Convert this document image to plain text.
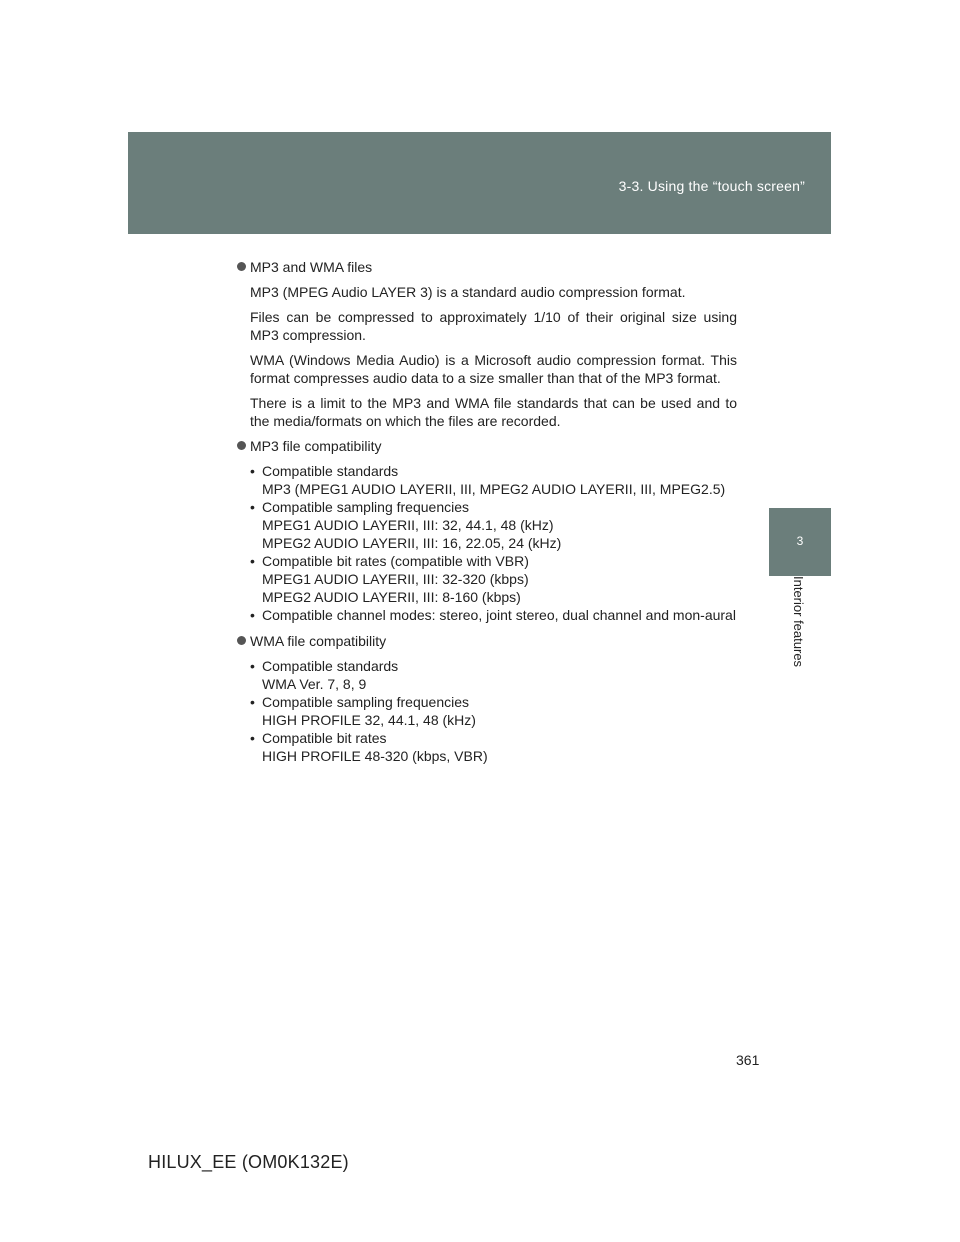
3-3. Using the “touch screen”
3
Interior features
MP3 and WMA files
MP3 (MPEG Audio LAYER 3) is a standard audio compression format.
Files can be compressed to approximately 1/10 of their original size using MP3 compression.
WMA (Windows Media Audio) is a Microsoft audio compression format. This format compresses audio data to a size smaller than that of the MP3 format.
There is a limit to the MP3 and WMA file standards that can be used and to the media/formats on which the files are recorded.
MP3 file compatibility
• Compatible standards
MP3 (MPEG1 AUDIO LAYERII, III, MPEG2 AUDIO LAYERII, III, MPEG2.5)
• Compatible sampling frequencies
MPEG1 AUDIO LAYERII, III: 32, 44.1, 48 (kHz)
MPEG2 AUDIO LAYERII, III: 16, 22.05, 24 (kHz)
• Compatible bit rates (compatible with VBR)
MPEG1 AUDIO LAYERII, III: 32-320 (kbps)
MPEG2 AUDIO LAYERII, III: 8-160 (kbps)
• Compatible channel modes: stereo, joint stereo, dual channel and mon-aural
WMA file compatibility
• Compatible standards
WMA Ver. 7, 8, 9
• Compatible sampling frequencies
HIGH PROFILE 32, 44.1, 48 (kHz)
• Compatible bit rates
HIGH PROFILE 48-320 (kbps, VBR)
361
HILUX_EE (OM0K132E)
